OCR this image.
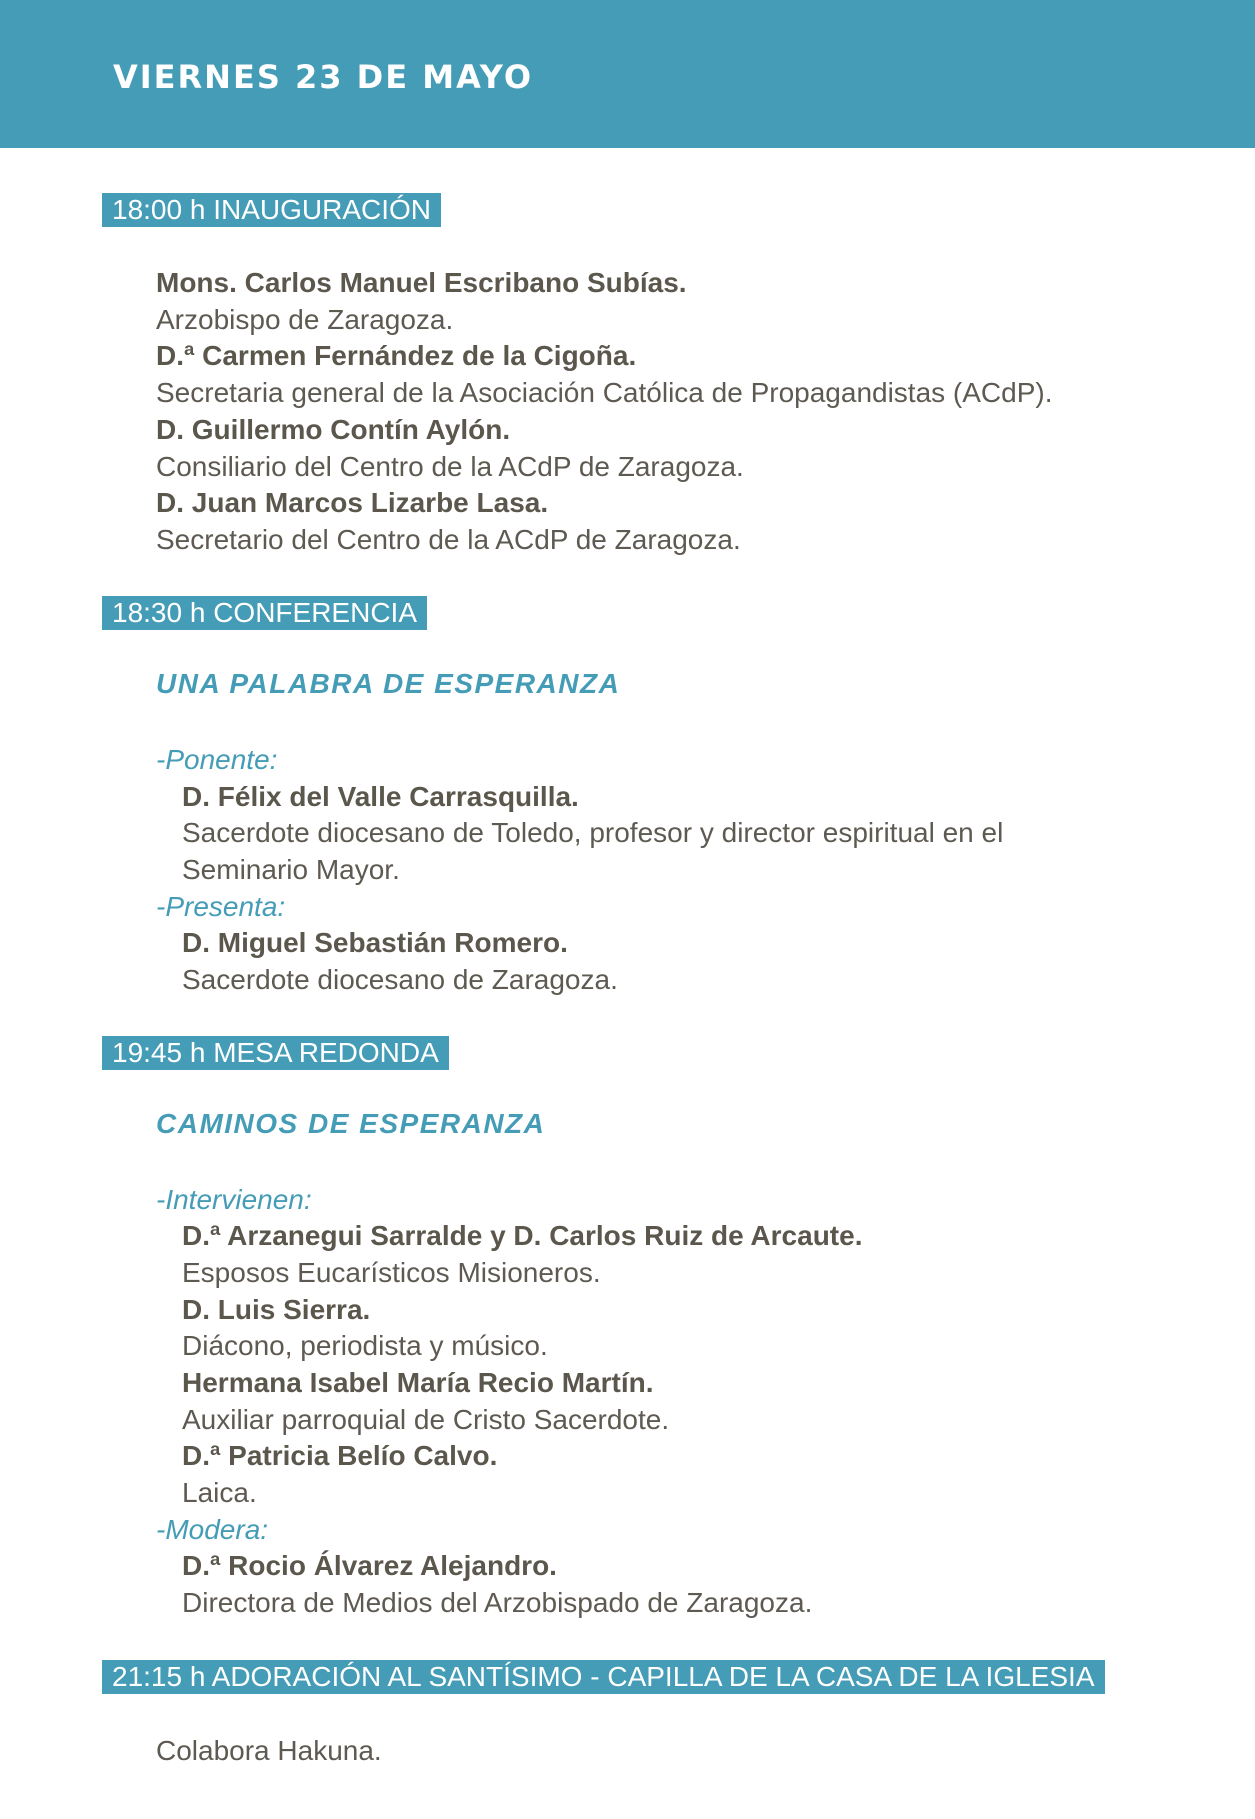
VIERNES 23 DE MAYO
18:00 h INAUGURACIÓN
Mons. Carlos Manuel Escribano Subías.
Arzobispo de Zaragoza.
D.ª Carmen Fernández de la Cigoña.
Secretaria general de la Asociación Católica de Propagandistas (ACdP).
D. Guillermo Contín Aylón.
Consiliario del Centro de la ACdP de Zaragoza.
D. Juan Marcos Lizarbe Lasa.
Secretario del Centro de la ACdP de Zaragoza.
18:30 h CONFERENCIA
UNA PALABRA DE ESPERANZA
-Ponente:
D. Félix del Valle Carrasquilla.
Sacerdote diocesano de Toledo, profesor y director espiritual en el
Seminario Mayor.
-Presenta:
D. Miguel Sebastián Romero.
Sacerdote diocesano de Zaragoza.
19:45 h MESA REDONDA
CAMINOS DE ESPERANZA
-Intervienen:
D.ª Arzanegui Sarralde y D. Carlos Ruiz de Arcaute.
Esposos Eucarísticos Misioneros.
D. Luis Sierra.
Diácono, periodista y músico.
Hermana Isabel María Recio Martín.
Auxiliar parroquial de Cristo Sacerdote.
D.ª Patricia Belío Calvo.
Laica.
-Modera:
D.ª Rocio Álvarez Alejandro.
Directora de Medios del Arzobispado de Zaragoza.
21:15 h ADORACIÓN AL SANTÍSIMO - CAPILLA DE LA CASA DE LA IGLESIA
Colabora Hakuna.
